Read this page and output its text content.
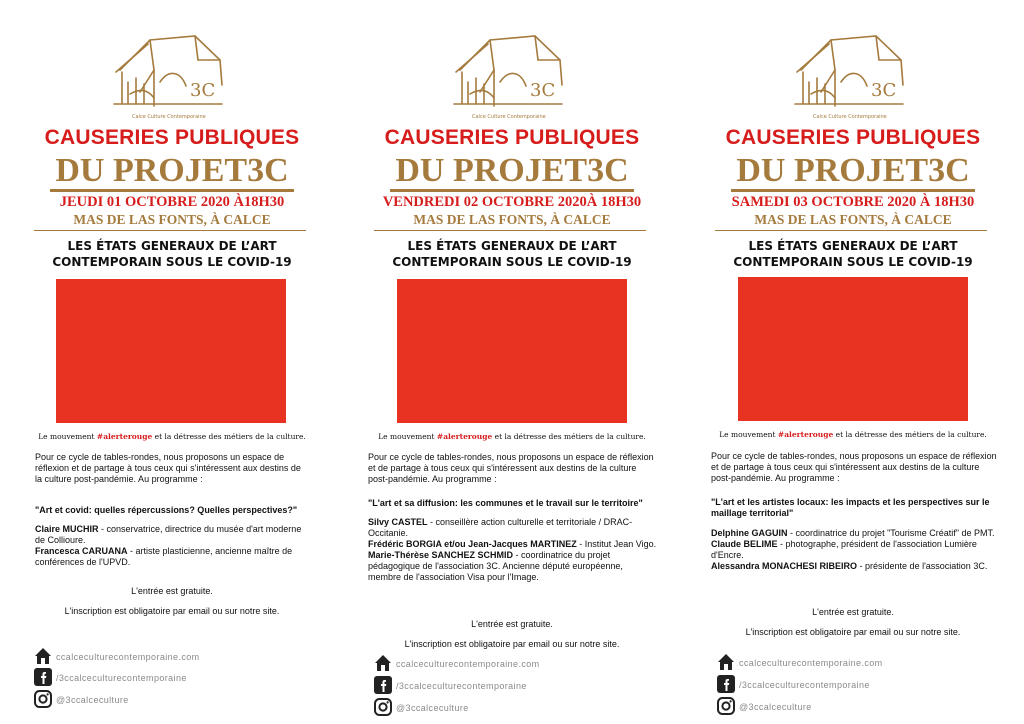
3C
Calce Culture Contemporaine
CAUSERIES PUBLIQUES
DU PROJET3C
JEUDI 01 OCTOBRE 2020 À18H30
MAS DE LAS FONTS, À CALCE
LES ÉTATS GENERAUX DE L’ART
CONTEMPORAIN SOUS LE COVID-19
Le mouvement #alerterouge et la détresse des métiers de la culture.

Pour ce cycle de tables-rondes, nous proposons un espace de réflexion et de partage à tous ceux qui s'intéressent aux destins de la culture post-pandémie. Au programme :

"Art et covid: quelles répercussions? Quelles perspectives?"

Claire MUCHIR - conservatrice, directrice du musée d'art moderne de Collioure.

Francesca CARUANA - artiste plasticienne, ancienne maître de conférences de l'UPVD.

L'entrée est gratuite.
L'inscription est obligatoire par email ou sur notre site.
ccalceculturecontemporaine.com
/3ccalceculturecontemporaine
@3ccalceculture
3C
Calce Culture Contemporaine
CAUSERIES PUBLIQUES
DU PROJET3C
VENDREDI 02 OCTOBRE 2020À 18H30
MAS DE LAS FONTS, À CALCE
LES ÉTATS GENERAUX DE L’ART
CONTEMPORAIN SOUS LE COVID-19
Le mouvement #alerterouge et la détresse des métiers de la culture.

Pour ce cycle de tables-rondes, nous proposons un espace de réflexion et de partage à tous ceux qui s'intéressent aux destins de la culture post-pandémie. Au programme :

"L'art et sa diffusion: les communes et le travail sur le territoire"

Silvy CASTEL - conseillère action culturelle et territoriale / DRAC-Occitanie.

Frédéric BORGIA et/ou Jean-Jacques MARTINEZ - Institut Jean Vigo.

Marie-Thérèse SANCHEZ SCHMID - coordinatrice du projet pédagogique de l'association 3C. Ancienne député européenne, membre de l'association Visa pour l'Image.

L'entrée est gratuite.
L'inscription est obligatoire par email ou sur notre site.
ccalceculturecontemporaine.com
/3ccalceculturecontemporaine
@3ccalceculture
3C
Calce Culture Contemporaine
CAUSERIES PUBLIQUES
DU PROJET3C
SAMEDI 03 OCTOBRE 2020 À 18H30
MAS DE LAS FONTS, À CALCE
LES ÉTATS GENERAUX DE L’ART
CONTEMPORAIN SOUS LE COVID-19
Le mouvement #alerterouge et la détresse des métiers de la culture.

Pour ce cycle de tables-rondes, nous proposons un espace de réflexion et de partage à tous ceux qui s'intéressent aux destins de la culture post-pandémie. Au programme :

"L'art et les artistes locaux: les impacts et les perspectives sur le maillage territorial"

Delphine GAGUIN - coordinatrice du projet "Tourisme Créatif" de PMT.

Claude BELIME - photographe, président de l'association Lumière d'Encre.

Alessandra MONACHESI RIBEIRO - présidente de l'association 3C.

L'entrée est gratuite.
L'inscription est obligatoire par email ou sur notre site.
ccalceculturecontemporaine.com
/3ccalceculturecontemporaine
@3ccalceculture
